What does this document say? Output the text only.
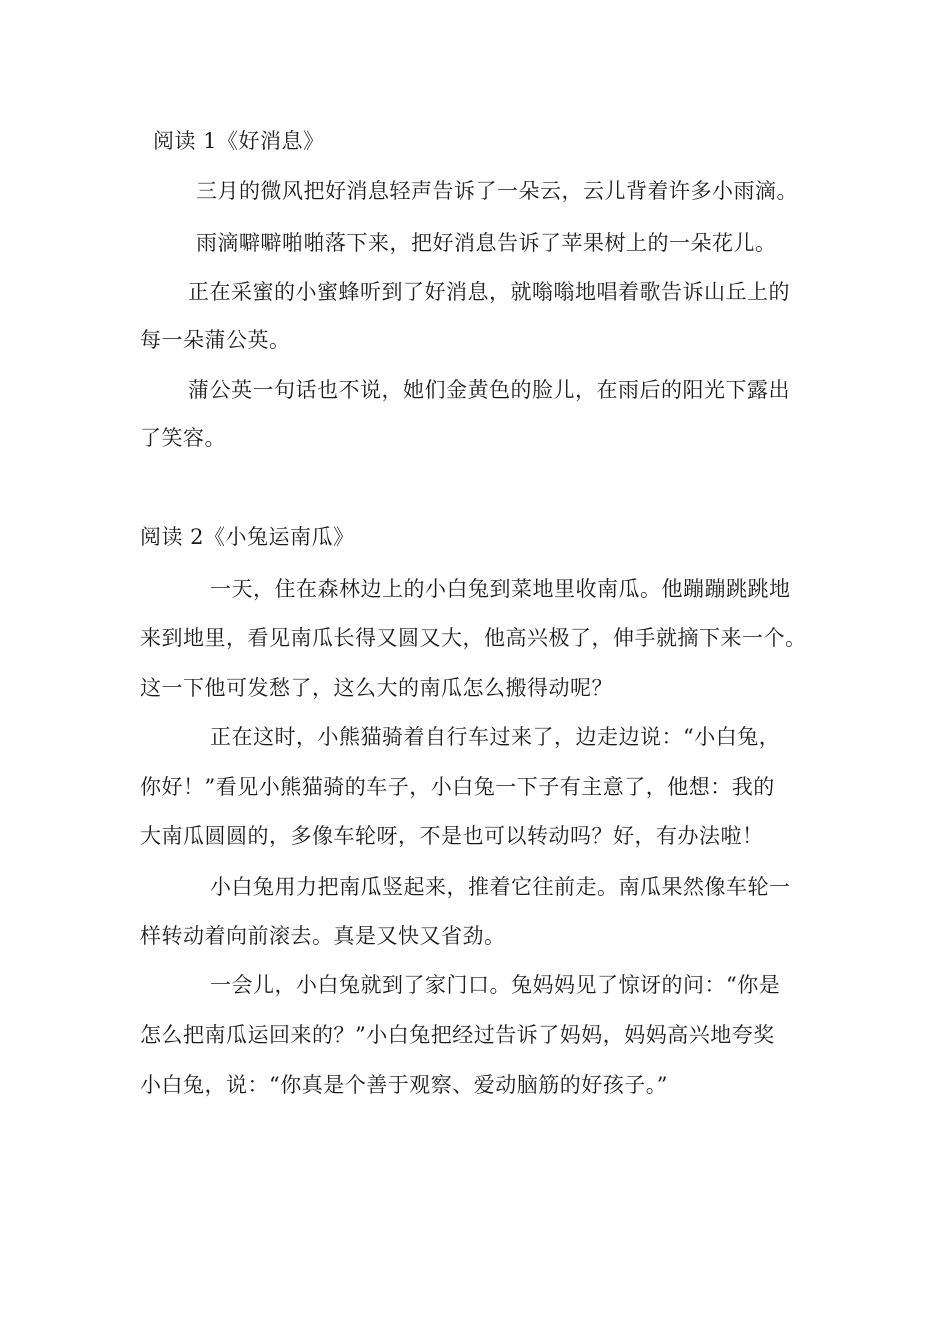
阅读 1《好消息》
三月的微风把好消息轻声告诉了一朵云，云儿背着许多小雨滴。
雨滴噼噼啪啪落下来，把好消息告诉了苹果树上的一朵花儿。
正在采蜜的小蜜蜂听到了好消息，就嗡嗡地唱着歌告诉山丘上的
每一朵蒲公英。
蒲公英一句话也不说，她们金黄色的脸儿，在雨后的阳光下露出
了笑容。
阅读 2《小兔运南瓜》
一天，住在森林边上的小白兔到菜地里收南瓜。他蹦蹦跳跳地
来到地里，看见南瓜长得又圆又大，他高兴极了，伸手就摘下来一个。
这一下他可发愁了，这么大的南瓜怎么搬得动呢？
正在这时，小熊猫骑着自行车过来了，边走边说：“小白兔，
你好！”看见小熊猫骑的车子，小白兔一下子有主意了，他想：我的
大南瓜圆圆的，多像车轮呀，不是也可以转动吗？好，有办法啦！
小白兔用力把南瓜竖起来，推着它往前走。南瓜果然像车轮一
样转动着向前滚去。真是又快又省劲。
一会儿，小白兔就到了家门口。兔妈妈见了惊讶的问：“你是
怎么把南瓜运回来的？”小白兔把经过告诉了妈妈，妈妈高兴地夸奖
小白兔，说：“你真是个善于观察、爱动脑筋的好孩子。”
